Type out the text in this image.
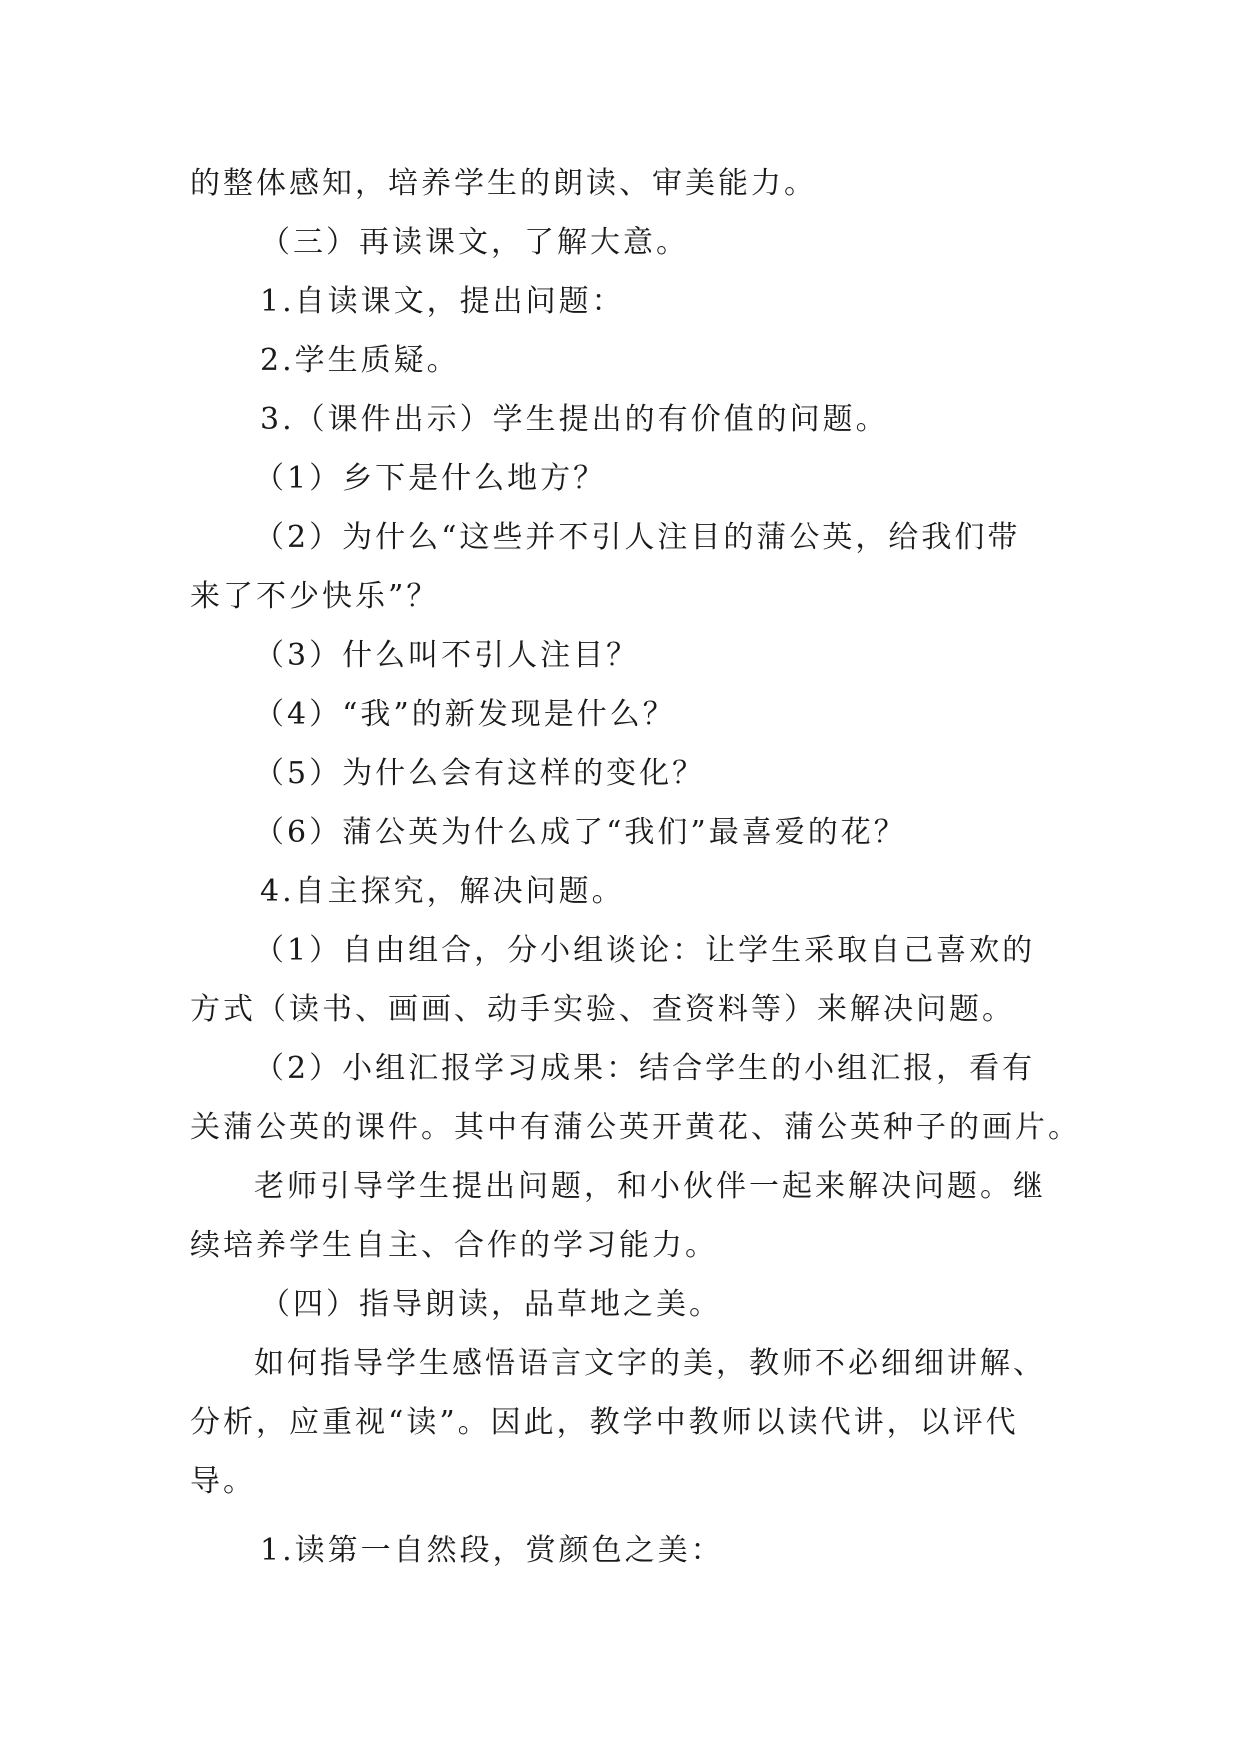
的整体感知，培养学生的朗读、审美能力。
（三）再读课文，了解大意。
1.自读课文，提出问题：
2.学生质疑。
3.（课件出示）学生提出的有价值的问题。
（1）乡下是什么地方？
（2）为什么“这些并不引人注目的蒲公英，给我们带
来了不少快乐”？
（3）什么叫不引人注目？
（4）“我”的新发现是什么？
（5）为什么会有这样的变化？
（6）蒲公英为什么成了“我们”最喜爱的花？
4.自主探究，解决问题。
（1）自由组合，分小组谈论：让学生采取自己喜欢的
方式（读书、画画、动手实验、查资料等）来解决问题。
（2）小组汇报学习成果：结合学生的小组汇报，看有
关蒲公英的课件。其中有蒲公英开黄花、蒲公英种子的画片。
老师引导学生提出问题，和小伙伴一起来解决问题。继
续培养学生自主、合作的学习能力。
（四）指导朗读，品草地之美。
如何指导学生感悟语言文字的美，教师不必细细讲解、
分析，应重视“读”。因此，教学中教师以读代讲，以评代
导。
1.读第一自然段，赏颜色之美：
